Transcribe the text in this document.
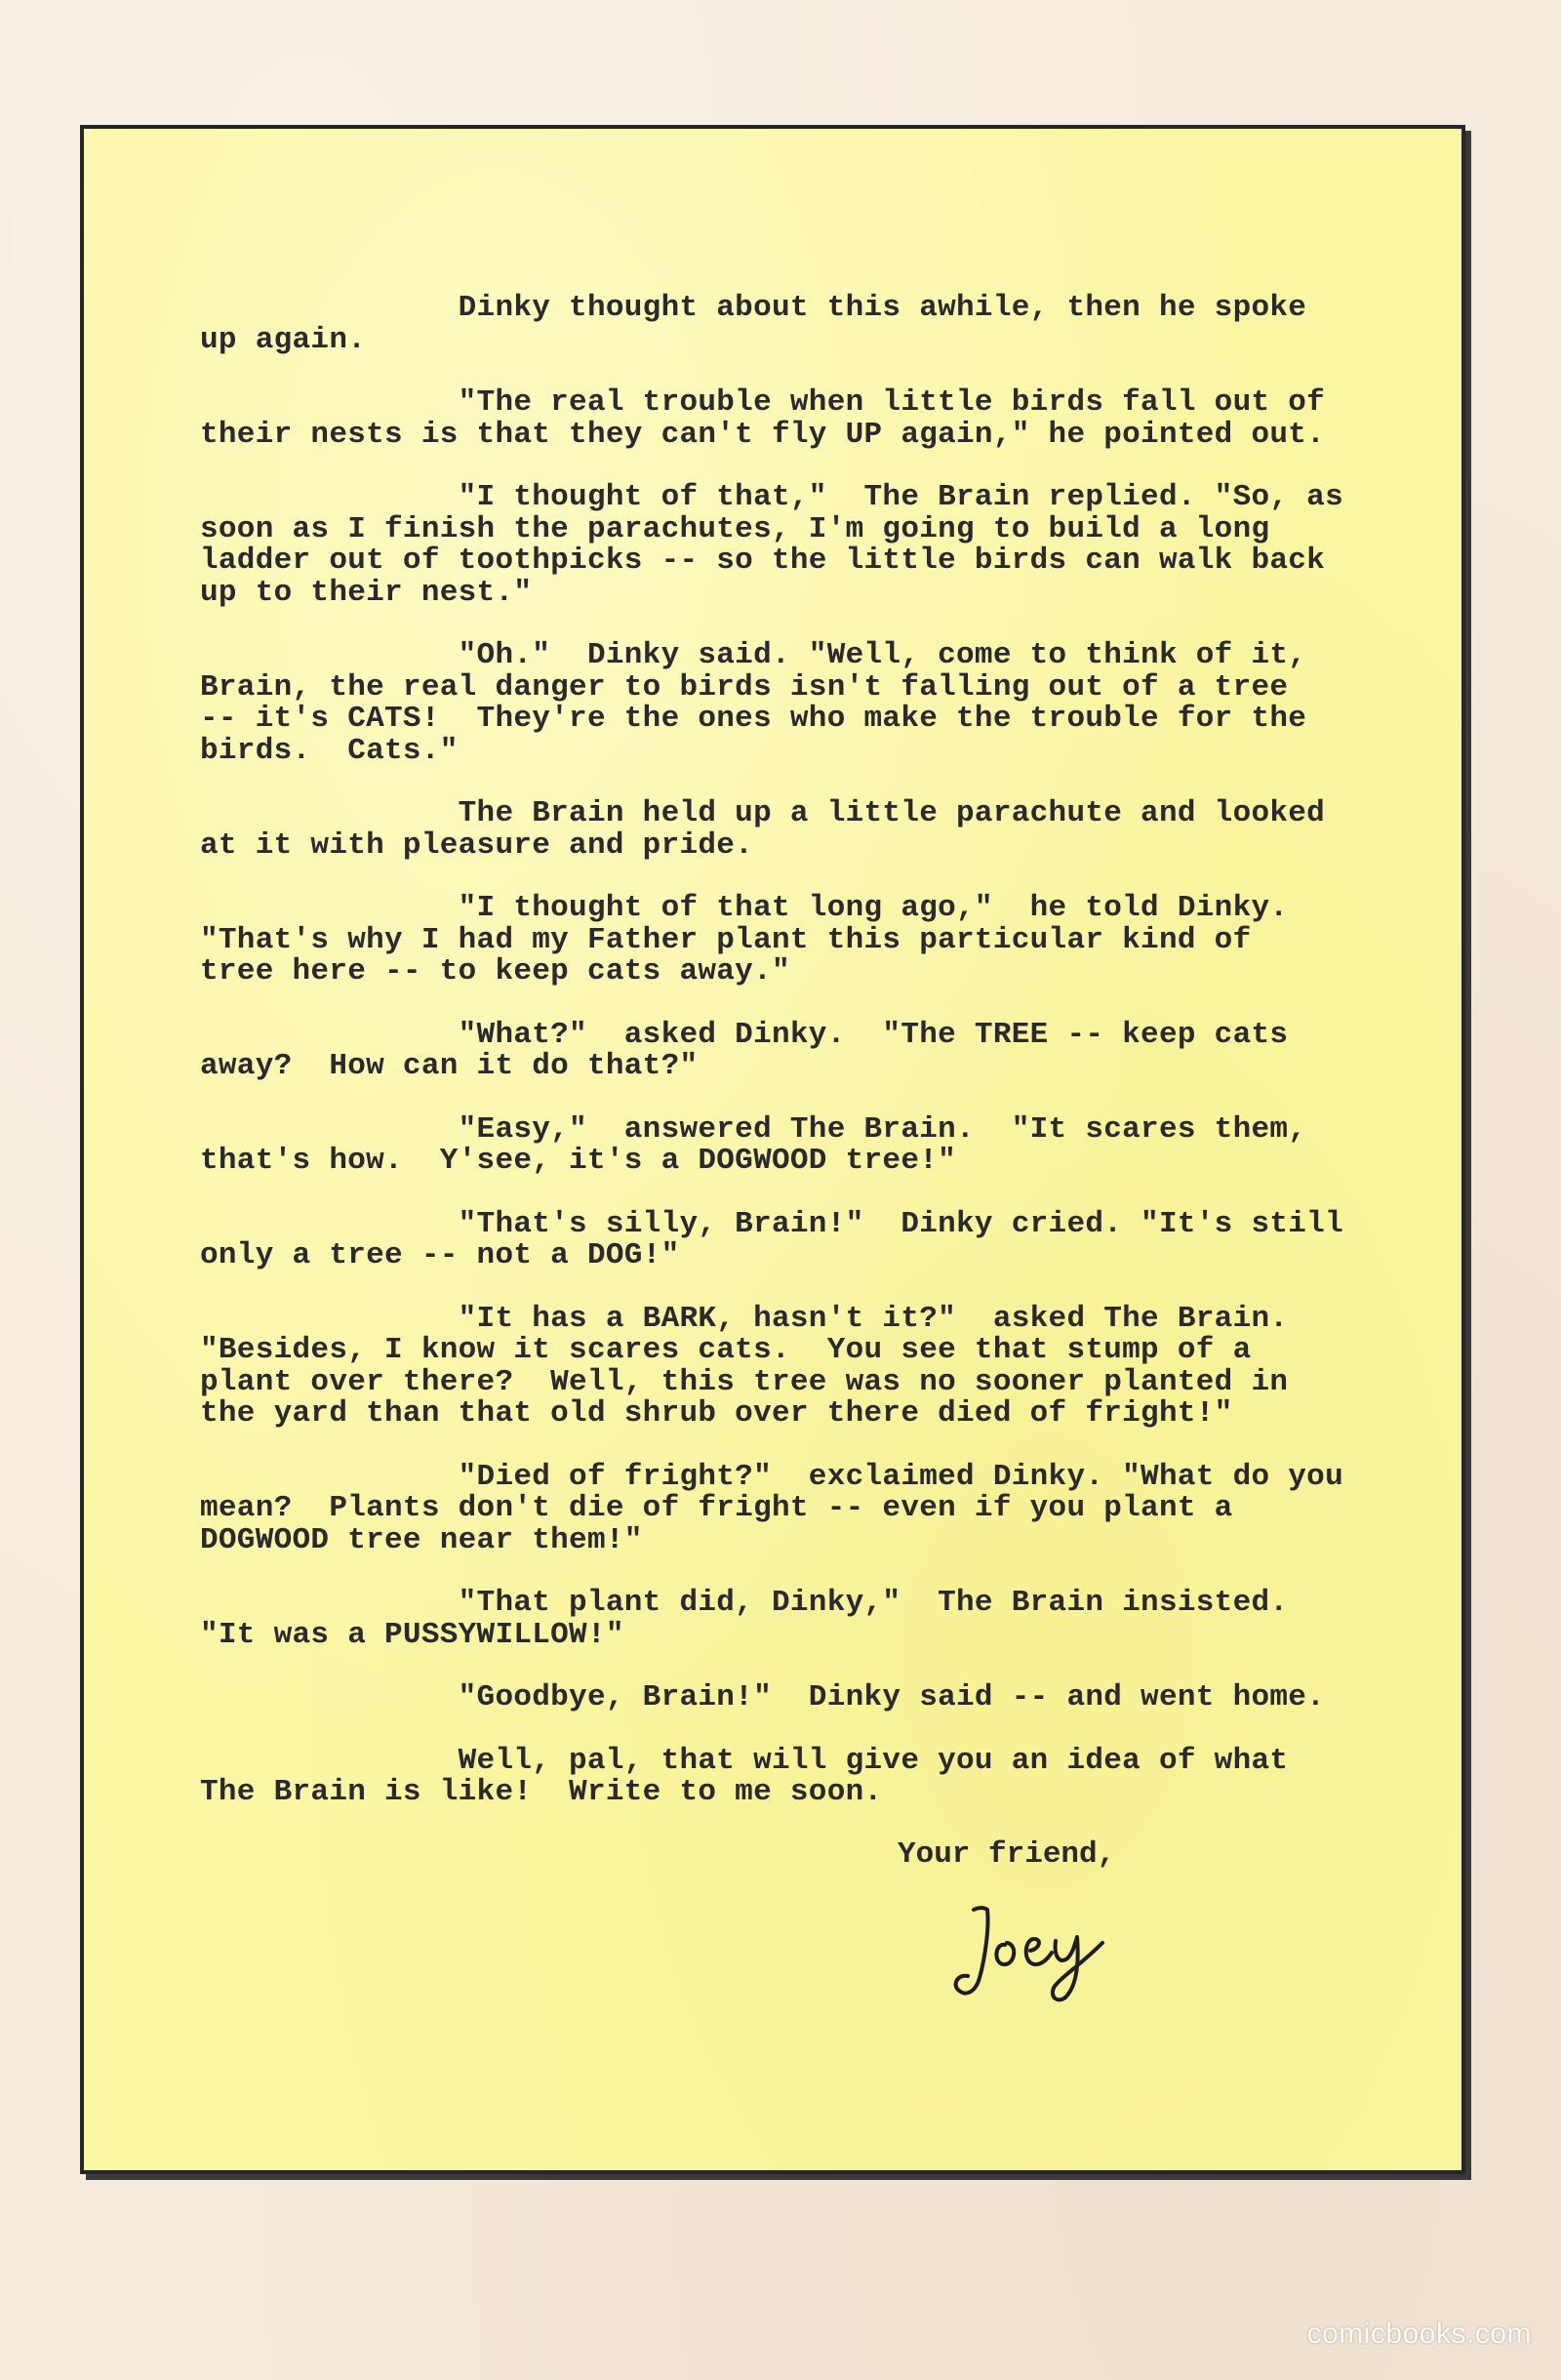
Dinky thought about this awhile, then he spoke
up again.

"The real trouble when little birds fall out of
their nests is that they can't fly UP again," he pointed out.

"I thought of that,"  The Brain replied. "So, as
soon as I finish the parachutes, I'm going to build a long
ladder out of toothpicks -- so the little birds can walk back
up to their nest."

"Oh."  Dinky said. "Well, come to think of it,
Brain, the real danger to birds isn't falling out of a tree
-- it's CATS!  They're the ones who make the trouble for the
birds.  Cats."

The Brain held up a little parachute and looked
at it with pleasure and pride.

"I thought of that long ago,"  he told Dinky.
"That's why I had my Father plant this particular kind of
tree here -- to keep cats away."

"What?"  asked Dinky.  "The TREE -- keep cats
away?  How can it do that?"

"Easy,"  answered The Brain.  "It scares them,
that's how.  Y'see, it's a DOGWOOD tree!"

"That's silly, Brain!"  Dinky cried. "It's still
only a tree -- not a DOG!"

"It has a BARK, hasn't it?"  asked The Brain.
"Besides, I know it scares cats.  You see that stump of a
plant over there?  Well, this tree was no sooner planted in
the yard than that old shrub over there died of fright!"

"Died of fright?"  exclaimed Dinky. "What do you
mean?  Plants don't die of fright -- even if you plant a
DOGWOOD tree near them!"

"That plant did, Dinky,"  The Brain insisted.
"It was a PUSSYWILLOW!"

"Goodbye, Brain!"  Dinky said -- and went home.

Well, pal, that will give you an idea of what
The Brain is like!  Write to me soon.

Your friend,
comicbooks.com
